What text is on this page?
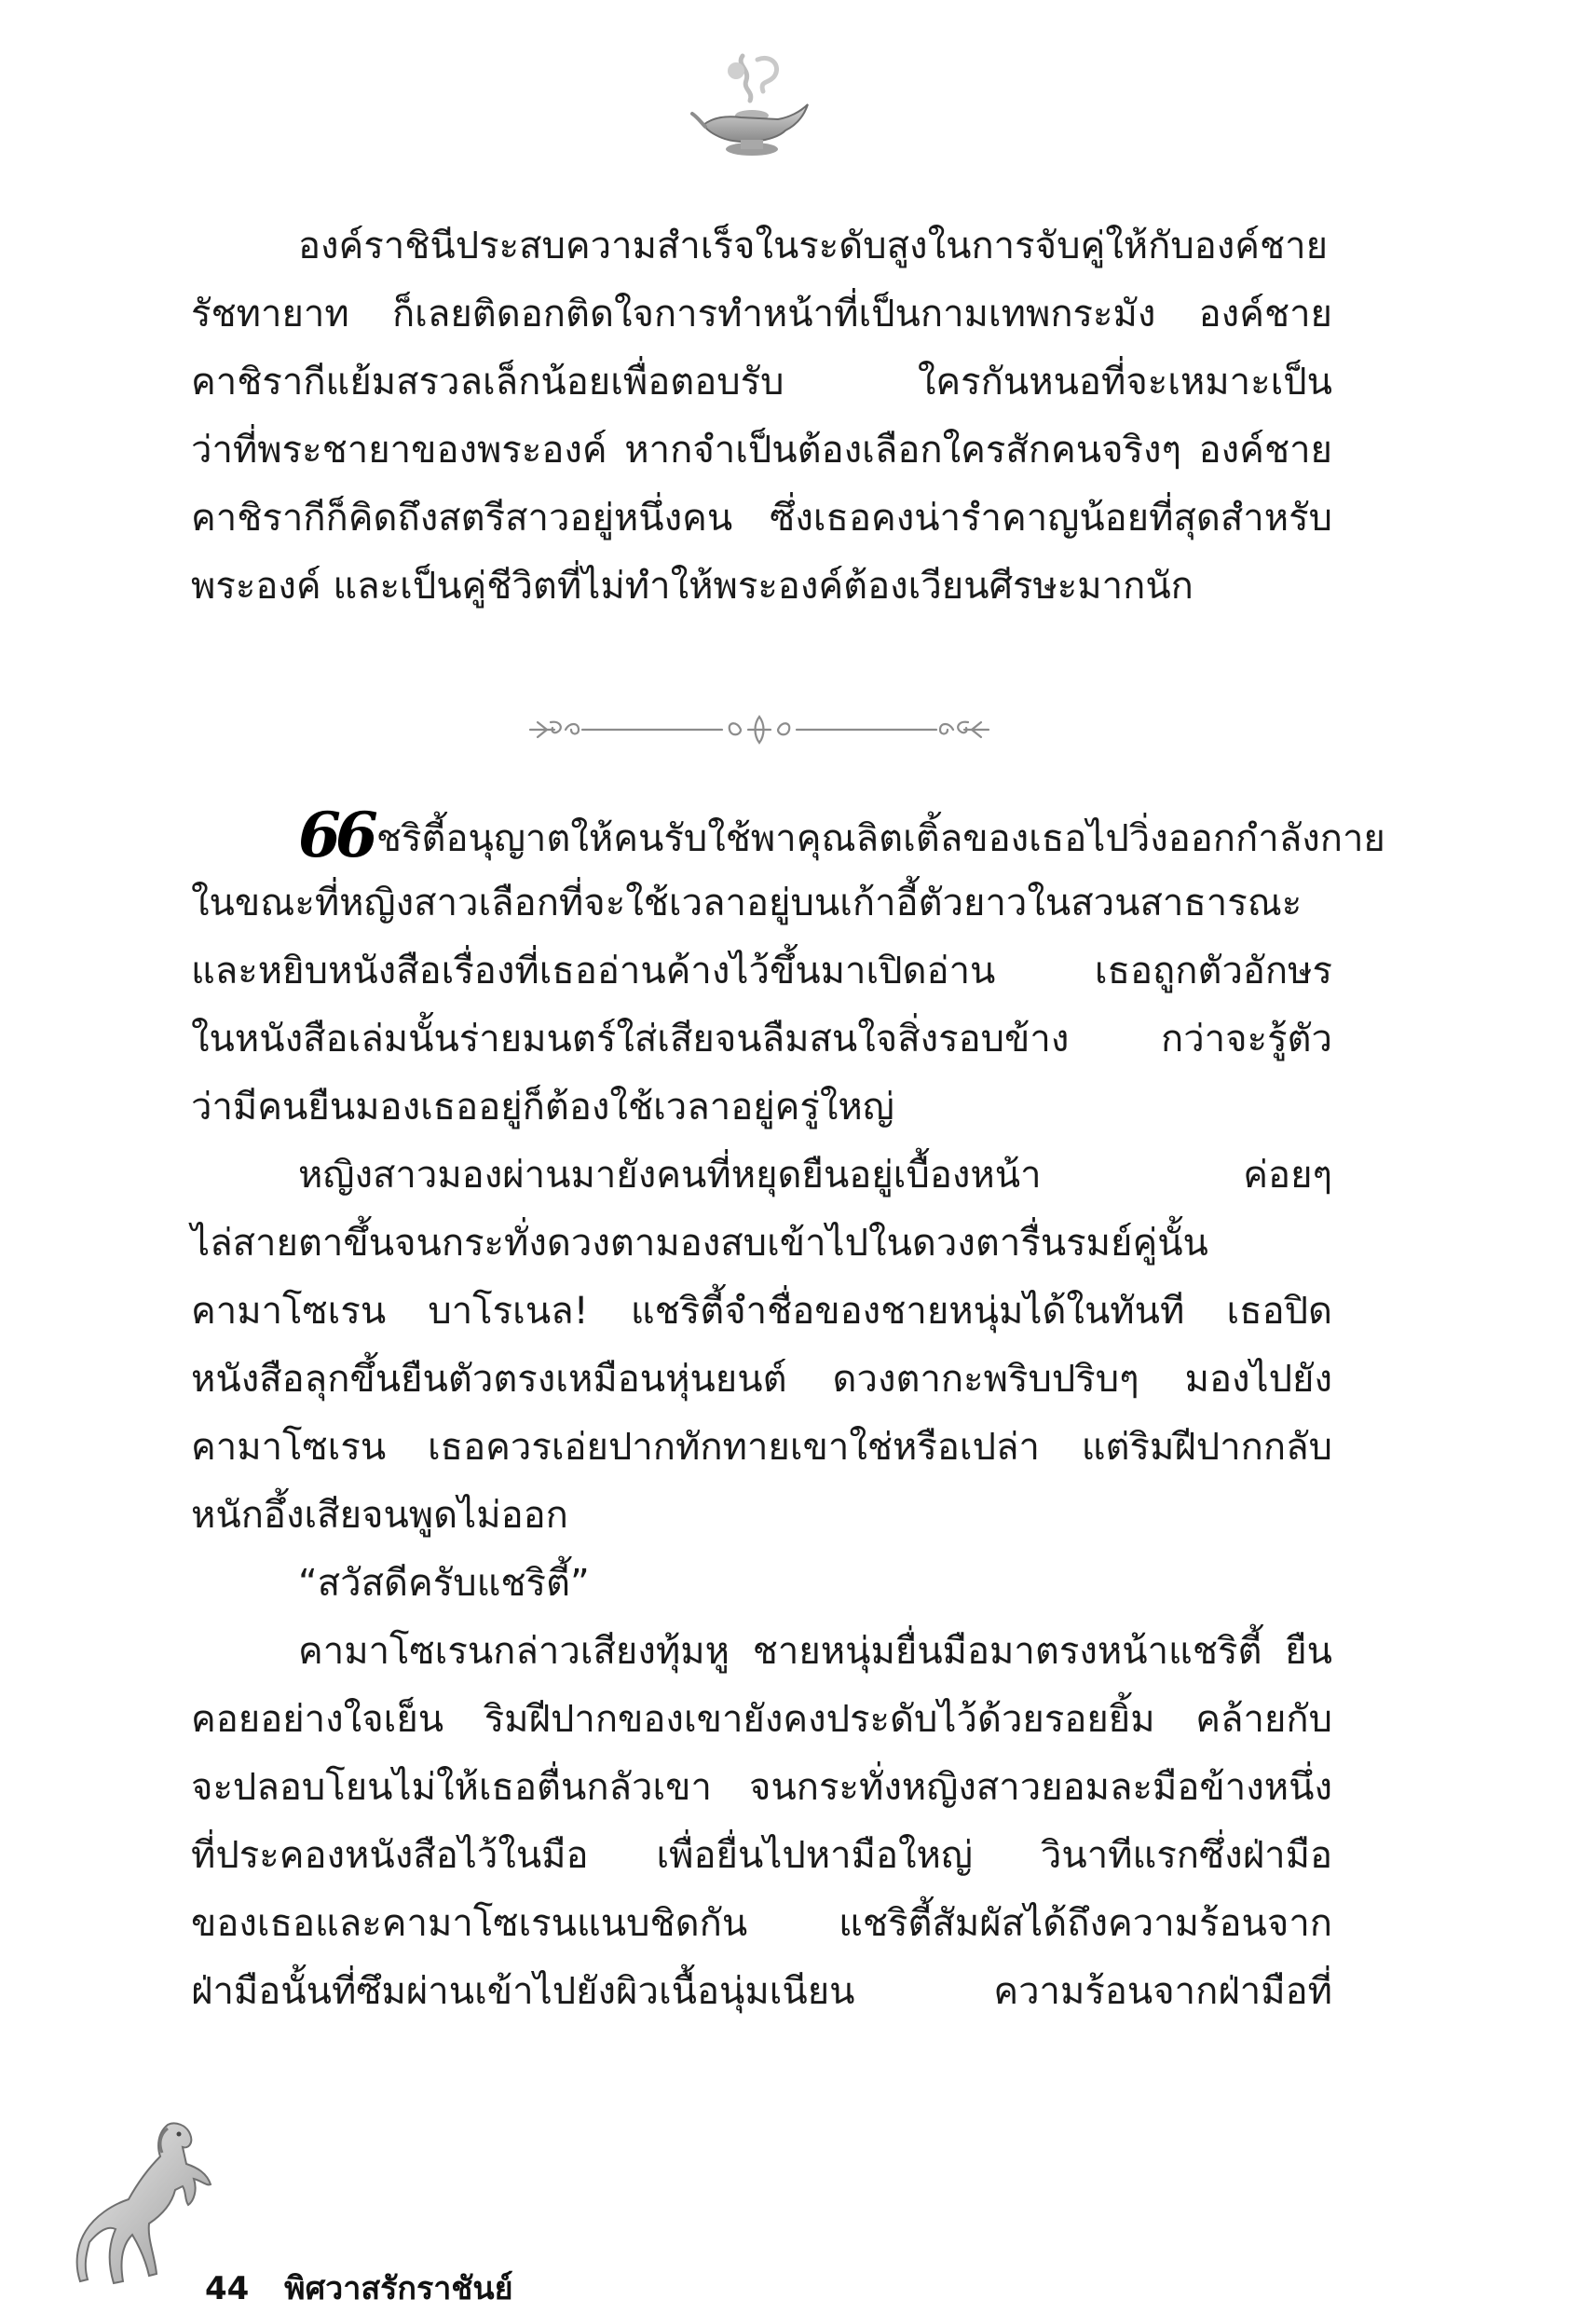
องค์ราชินีประสบความสำเร็จในระดับสูงในการจับคู่ให้กับองค์ชาย
รัชทายาท ก็เลยติดอกติดใจการทำหน้าที่เป็นกามเทพกระมัง องค์ชาย
คาชิรากีแย้มสรวลเล็กน้อยเพื่อตอบรับ ใครกันหนอที่จะเหมาะเป็น
ว่าที่พระชายาของพระองค์ หากจำเป็นต้องเลือกใครสักคนจริงๆ องค์ชาย
คาชิรากีก็คิดถึงสตรีสาวอยู่หนึ่งคน ซึ่งเธอคงน่ารำคาญน้อยที่สุดสำหรับ
พระองค์ และเป็นคู่ชีวิตที่ไม่ทำให้พระองค์ต้องเวียนศีรษะมากนัก
66 ชริตี้อนุญาตให้คนรับใช้พาคุณลิตเติ้ลของเธอไปวิ่งออกกำลังกาย
ในขณะที่หญิงสาวเลือกที่จะใช้เวลาอยู่บนเก้าอี้ตัวยาวในสวนสาธารณะ
และหยิบหนังสือเรื่องที่เธออ่านค้างไว้ขึ้นมาเปิดอ่าน เธอถูกตัวอักษร
ในหนังสือเล่มนั้นร่ายมนตร์ใส่เสียจนลืมสนใจสิ่งรอบข้าง กว่าจะรู้ตัว
ว่ามีคนยืนมองเธออยู่ก็ต้องใช้เวลาอยู่ครู่ใหญ่
หญิงสาวมองผ่านมายังคนที่หยุดยืนอยู่เบื้องหน้า ค่อยๆ
ไล่สายตาขึ้นจนกระทั่งดวงตามองสบเข้าไปในดวงตารื่นรมย์คู่นั้น
คามาโซเรน บาโรเนล! แชริตี้จำชื่อของชายหนุ่มได้ในทันที เธอปิด
หนังสือลุกขึ้นยืนตัวตรงเหมือนหุ่นยนต์ ดวงตากะพริบปริบๆ มองไปยัง
คามาโซเรน เธอควรเอ่ยปากทักทายเขาใช่หรือเปล่า แต่ริมฝีปากกลับ
หนักอึ้งเสียจนพูดไม่ออก
“สวัสดีครับแชริตี้”
คามาโซเรนกล่าวเสียงทุ้มหู ชายหนุ่มยื่นมือมาตรงหน้าแชริตี้ ยืน
คอยอย่างใจเย็น ริมฝีปากของเขายังคงประดับไว้ด้วยรอยยิ้ม คล้ายกับ
จะปลอบโยนไม่ให้เธอตื่นกลัวเขา จนกระทั่งหญิงสาวยอมละมือข้างหนึ่ง
ที่ประคองหนังสือไว้ในมือ เพื่อยื่นไปหามือใหญ่ วินาทีแรกซึ่งฝ่ามือ
ของเธอและคามาโซเรนแนบชิดกัน แชริตี้สัมผัสได้ถึงความร้อนจาก
ฝ่ามือนั้นที่ซึมผ่านเข้าไปยังผิวเนื้อนุ่มเนียน ความร้อนจากฝ่ามือที่
44 พิศวาสรักราชันย์
